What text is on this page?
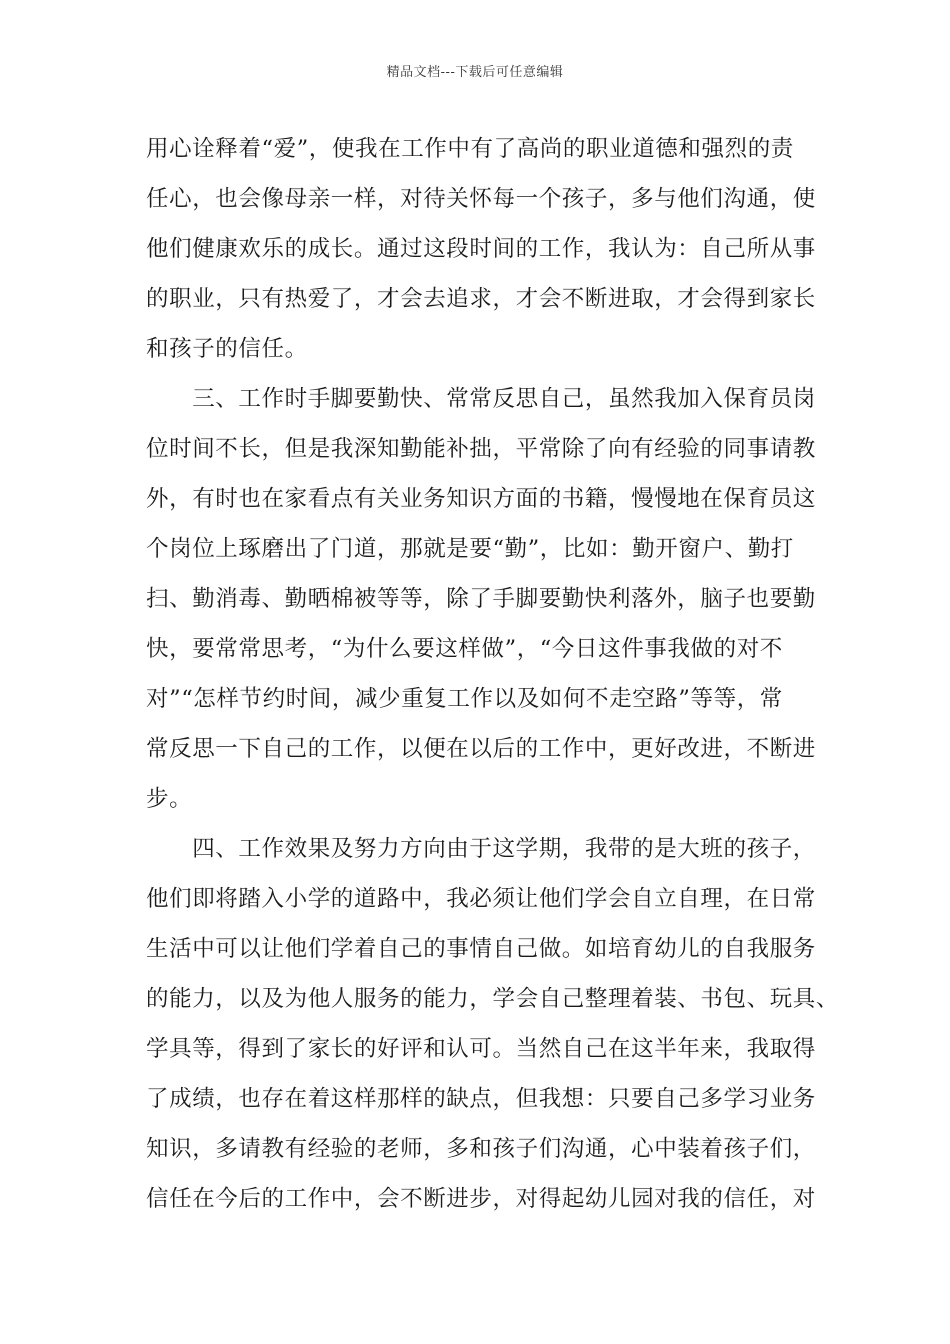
精品文档---下载后可任意编辑
用心诠释着“爱”，使我在工作中有了高尚的职业道德和强烈的责
任心，也会像母亲一样，对待关怀每一个孩子，多与他们沟通，使
他们健康欢乐的成长。通过这段时间的工作，我认为：自己所从事
的职业，只有热爱了，才会去追求，才会不断进取，才会得到家长
和孩子的信任。
　　三、工作时手脚要勤快、常常反思自己，虽然我加入保育员岗
位时间不长，但是我深知勤能补拙，平常除了向有经验的同事请教
外，有时也在家看点有关业务知识方面的书籍，慢慢地在保育员这
个岗位上琢磨出了门道，那就是要“勤”，比如：勤开窗户、勤打
扫、勤消毒、勤晒棉被等等，除了手脚要勤快利落外，脑子也要勤
快，要常常思考，“为什么要这样做”，“今日这件事我做的对不
对”“怎样节约时间，减少重复工作以及如何不走空路”等等，常
常反思一下自己的工作，以便在以后的工作中，更好改进，不断进
步。
　　四、工作效果及努力方向由于这学期，我带的是大班的孩子，
他们即将踏入小学的道路中，我必须让他们学会自立自理，在日常
生活中可以让他们学着自己的事情自己做。如培育幼儿的自我服务
的能力，以及为他人服务的能力，学会自己整理着装、书包、玩具、
学具等，得到了家长的好评和认可。当然自己在这半年来，我取得
了成绩，也存在着这样那样的缺点，但我想：只要自己多学习业务
知识，多请教有经验的老师，多和孩子们沟通，心中装着孩子们，
信任在今后的工作中，会不断进步，对得起幼儿园对我的信任，对
